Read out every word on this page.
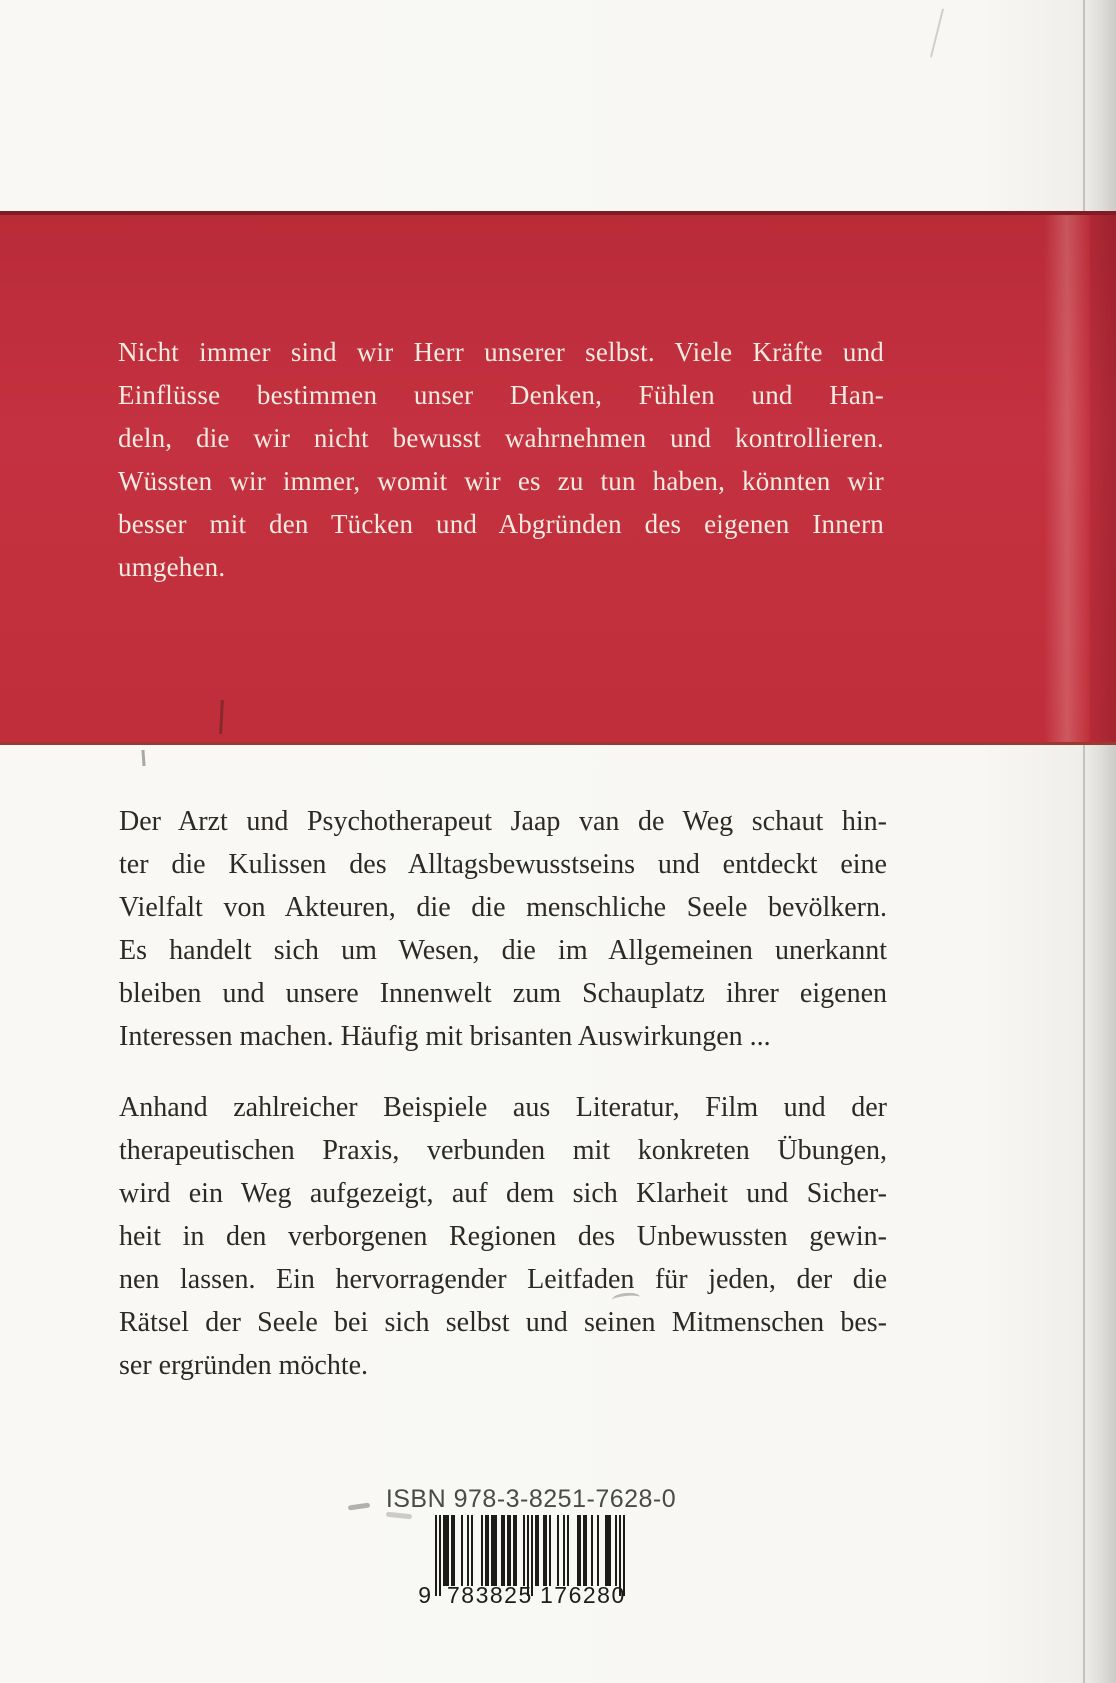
Nicht immer sind wir Herr unserer selbst. Viele Kräfte und
Einflüsse bestimmen unser Denken, Fühlen und Han-
deln, die wir nicht bewusst wahrnehmen und kontrollieren.
Wüssten wir immer, womit wir es zu tun haben, könnten wir
besser mit den Tücken und Abgründen des eigenen Innern
umgehen.
Der Arzt und Psychotherapeut Jaap van de Weg schaut hin-
ter die Kulissen des Alltagsbewusstseins und entdeckt eine
Vielfalt von Akteuren, die die menschliche Seele bevölkern.
Es handelt sich um Wesen, die im Allgemeinen unerkannt
bleiben und unsere Innenwelt zum Schauplatz ihrer eigenen
Interessen machen. Häufig mit brisanten Auswirkungen ...
Anhand zahlreicher Beispiele aus Literatur, Film und der
therapeutischen Praxis, verbunden mit konkreten Übungen,
wird ein Weg aufgezeigt, auf dem sich Klarheit und Sicher-
heit in den verborgenen Regionen des Unbewussten gewin-
nen lassen. Ein hervorragender Leitfaden für jeden, der die
Rätsel der Seele bei sich selbst und seinen Mitmenschen bes-
ser ergründen möchte.
ISBN 978-3-8251-7628-0
9 783825 176280
